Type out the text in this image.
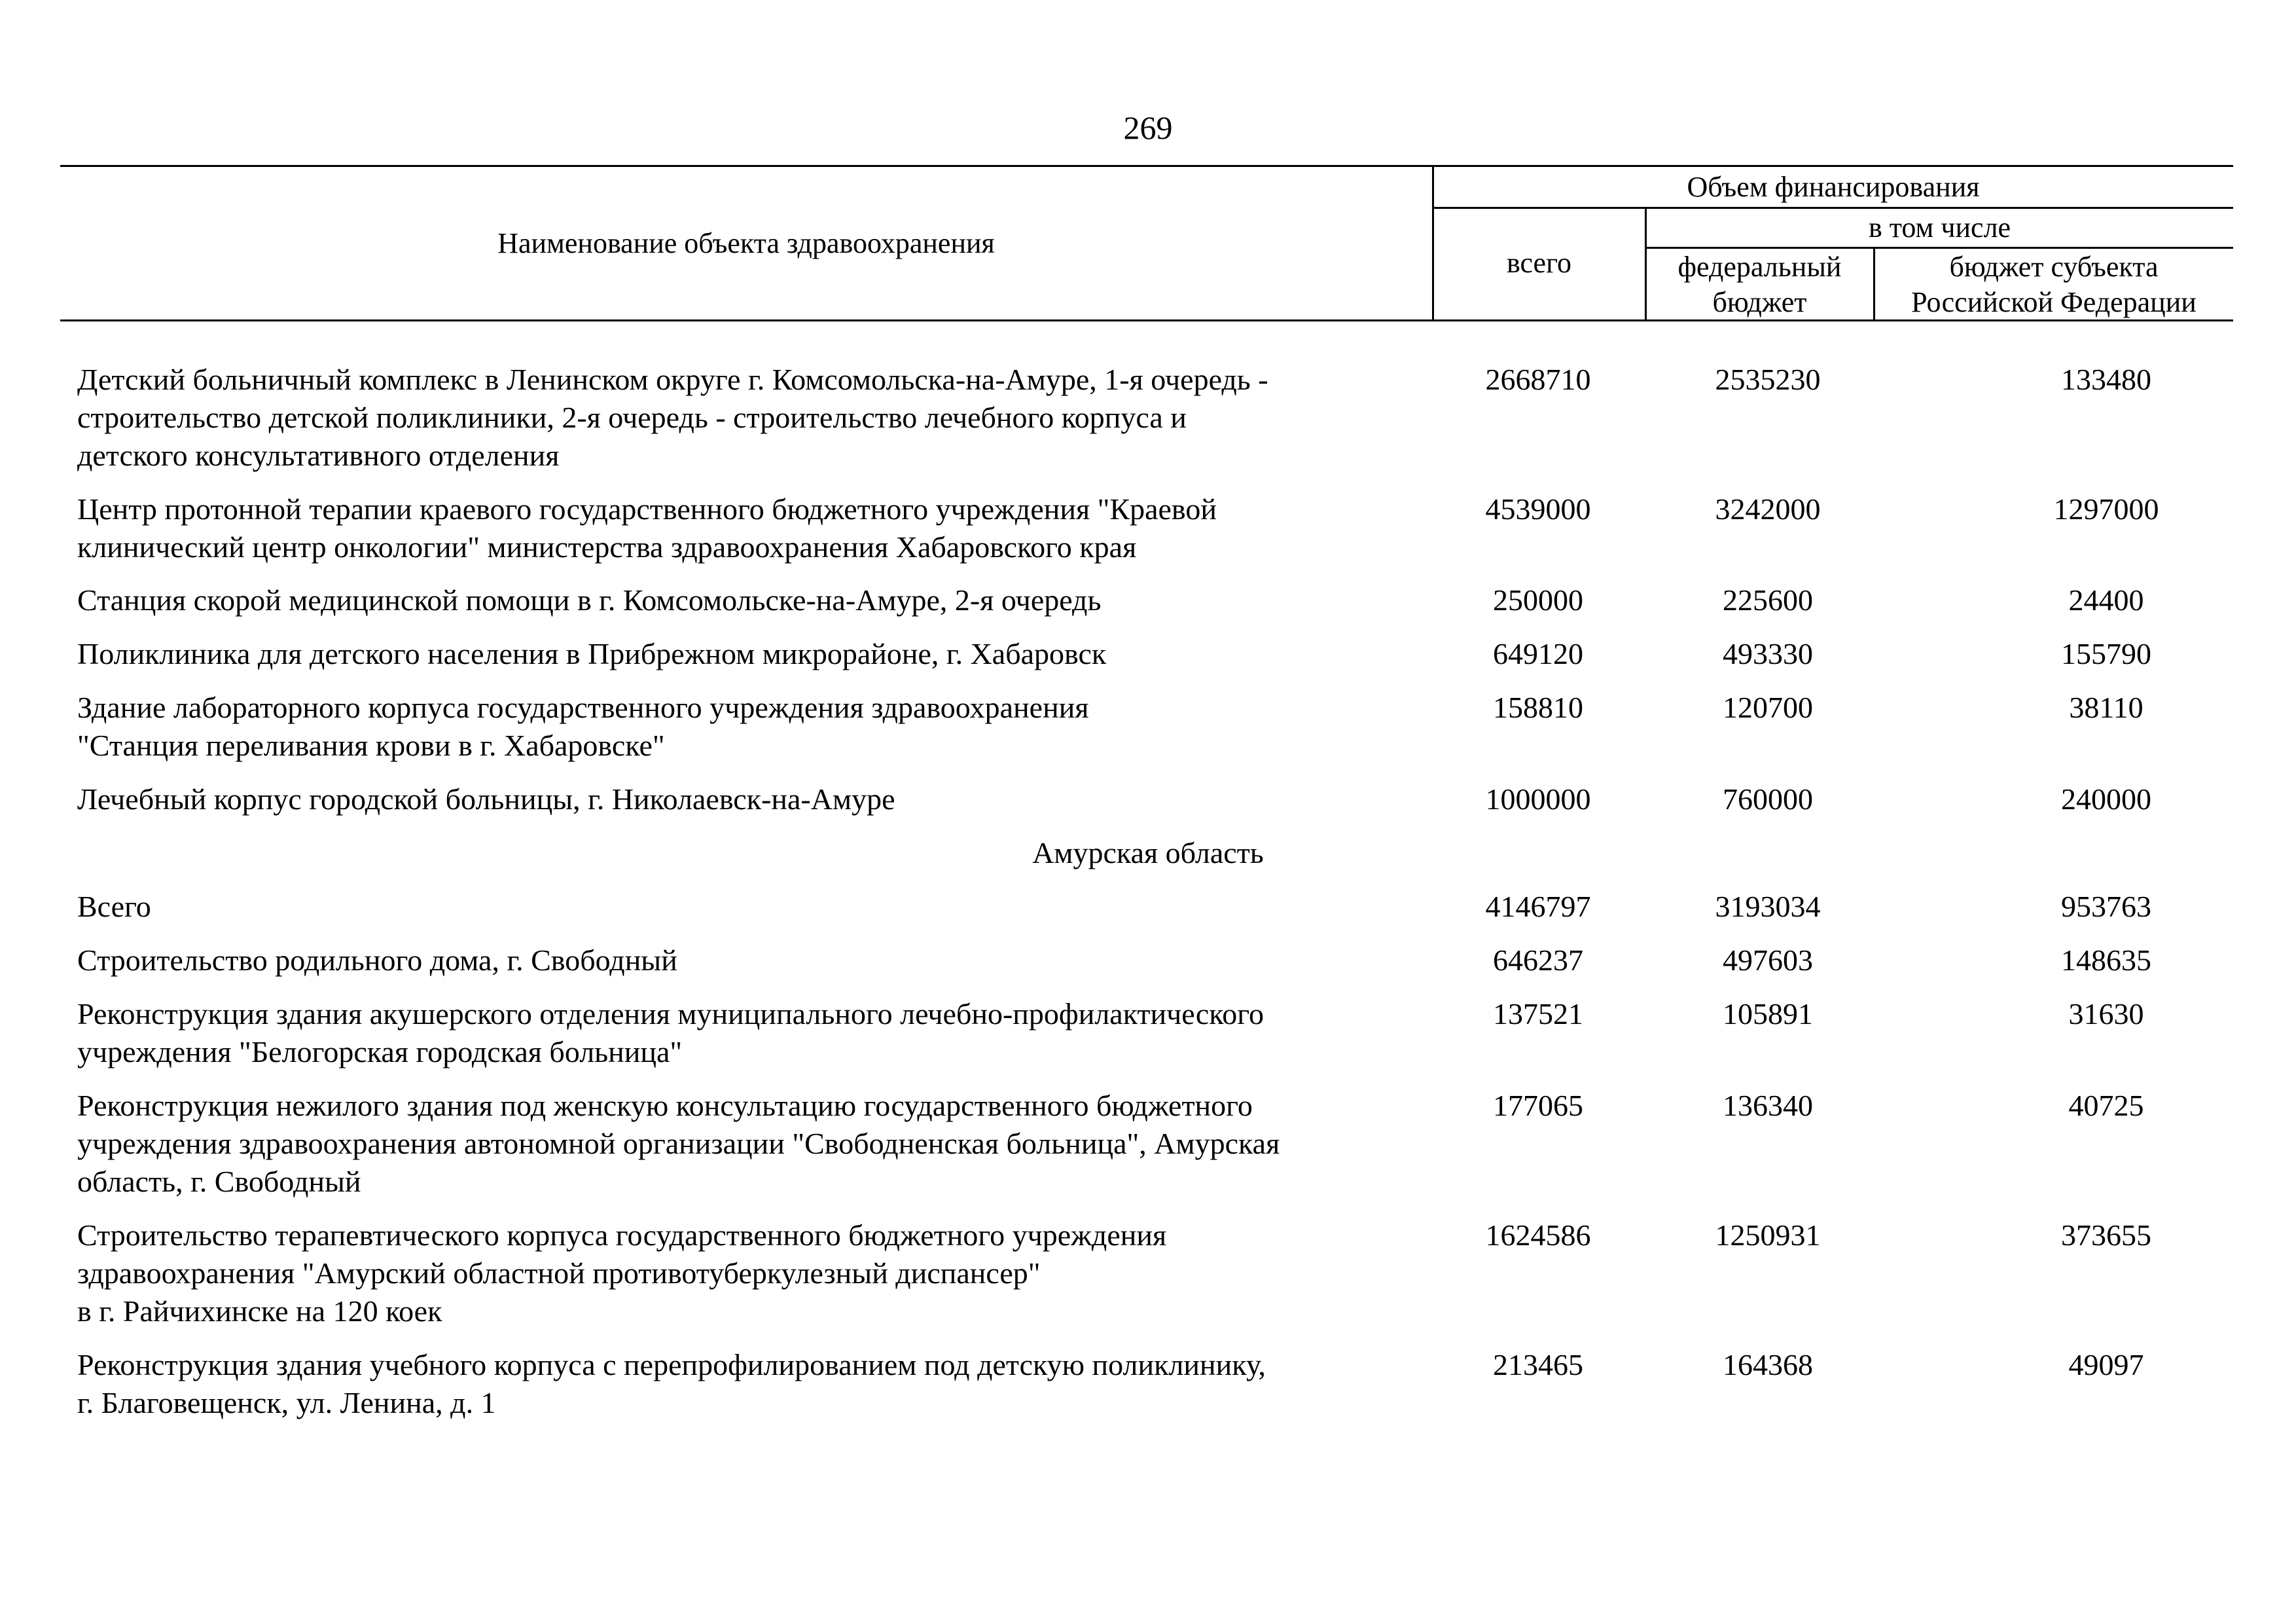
269
Наименование объекта здравоохранения
Объем финансирования
всего
в том числе
федеральный
бюджет
бюджет субъекта
Российской Федерации
Детский больничный комплекс в Ленинском округе г. Комсомольска-на-Амуре, 1-я очередь -
строительство детской поликлиники, 2-я очередь - строительство лечебного корпуса и
детского консультативного отделения
2668710	2535230	133480
Центр протонной терапии краевого государственного бюджетного учреждения "Краевой
клинический центр онкологии" министерства здравоохранения Хабаровского края
4539000	3242000	1297000
Станция скорой медицинской помощи в г. Комсомольске-на-Амуре, 2-я очередь	250000	225600	24400
Поликлиника для детского населения в Прибрежном микрорайоне, г. Хабаровск	649120	493330	155790
Здание лабораторного корпуса государственного учреждения здравоохранения
"Станция переливания крови в г. Хабаровске"
158810	120700	38110
Лечебный корпус городской больницы, г. Николаевск-на-Амуре	1000000	760000	240000
Амурская область
Всего	4146797	3193034	953763
Строительство родильного дома, г. Свободный	646237	497603	148635
Реконструкция здания акушерского отделения муниципального лечебно-профилактического
учреждения "Белогорская городская больница"
137521	105891	31630
Реконструкция нежилого здания под женскую консультацию государственного бюджетного
учреждения здравоохранения автономной организации "Свободненская больница", Амурская
область, г. Свободный
177065	136340	40725
Строительство терапевтического корпуса государственного бюджетного учреждения
здравоохранения "Амурский областной противотуберкулезный диспансер"
в г. Райчихинске на 120 коек
1624586	1250931	373655
Реконструкция здания учебного корпуса с перепрофилированием под детскую поликлинику,
г. Благовещенск, ул. Ленина, д. 1
213465	164368	49097
